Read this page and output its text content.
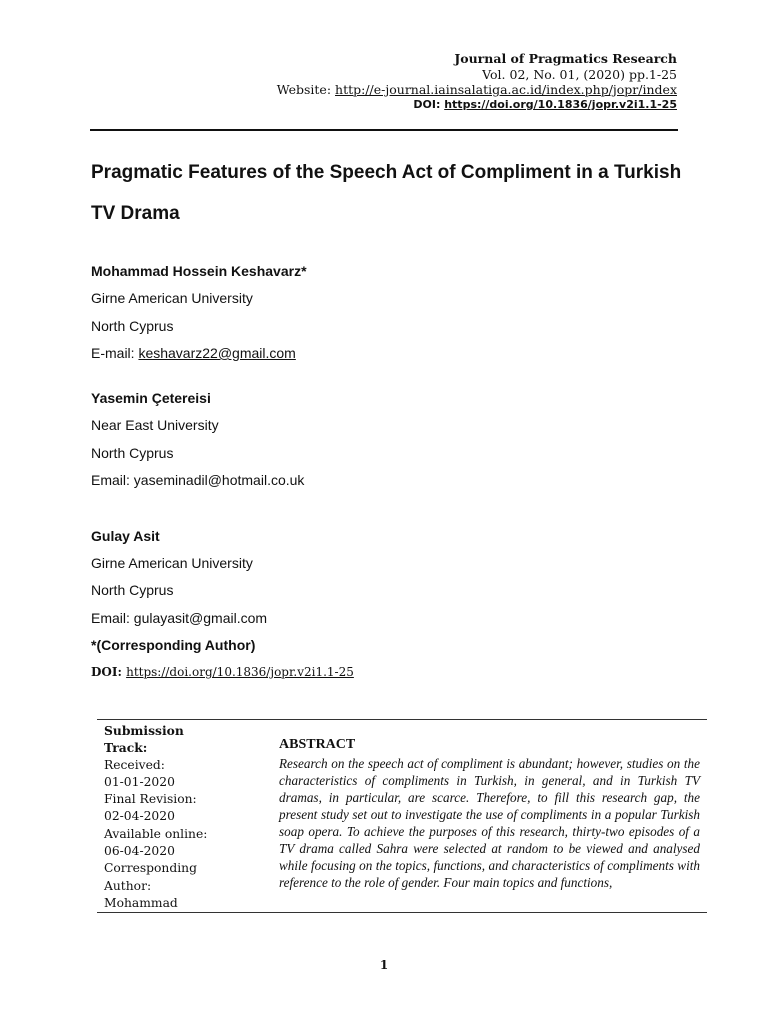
Journal of Pragmatics Research
Vol. 02, No. 01, (2020) pp.1-25
Website: http://e-journal.iainsalatiga.ac.id/index.php/jopr/index
DOI: https://doi.org/10.1836/jopr.v2i1.1-25
Pragmatic Features of the Speech Act of Compliment in a Turkish TV Drama
Mohammad Hossein Keshavarz*
Girne American University
North Cyprus
E-mail: keshavarz22@gmail.com
Yasemin Çetereisi
Near East University
North Cyprus
Email: yaseminadil@hotmail.co.uk
Gulay Asit
Girne American University
North Cyprus
Email: gulayasit@gmail.com
*(Corresponding Author)
DOI: https://doi.org/10.1836/jopr.v2i1.1-25
Submission
Track:
Received:
01-01-2020
Final Revision:
02-04-2020
Available online:
06-04-2020
Corresponding
Author:
Mohammad
ABSTRACT
Research on the speech act of compliment is abundant; however, studies on the characteristics of compliments in Turkish, in general, and in Turkish TV dramas, in particular, are scarce. Therefore, to fill this research gap, the present study set out to investigate the use of compliments in a popular Turkish soap opera. To achieve the purposes of this research, thirty-two episodes of a TV drama called Sahra were selected at random to be viewed and analysed while focusing on the topics, functions, and characteristics of compliments with reference to the role of gender. Four main topics and functions,
1
